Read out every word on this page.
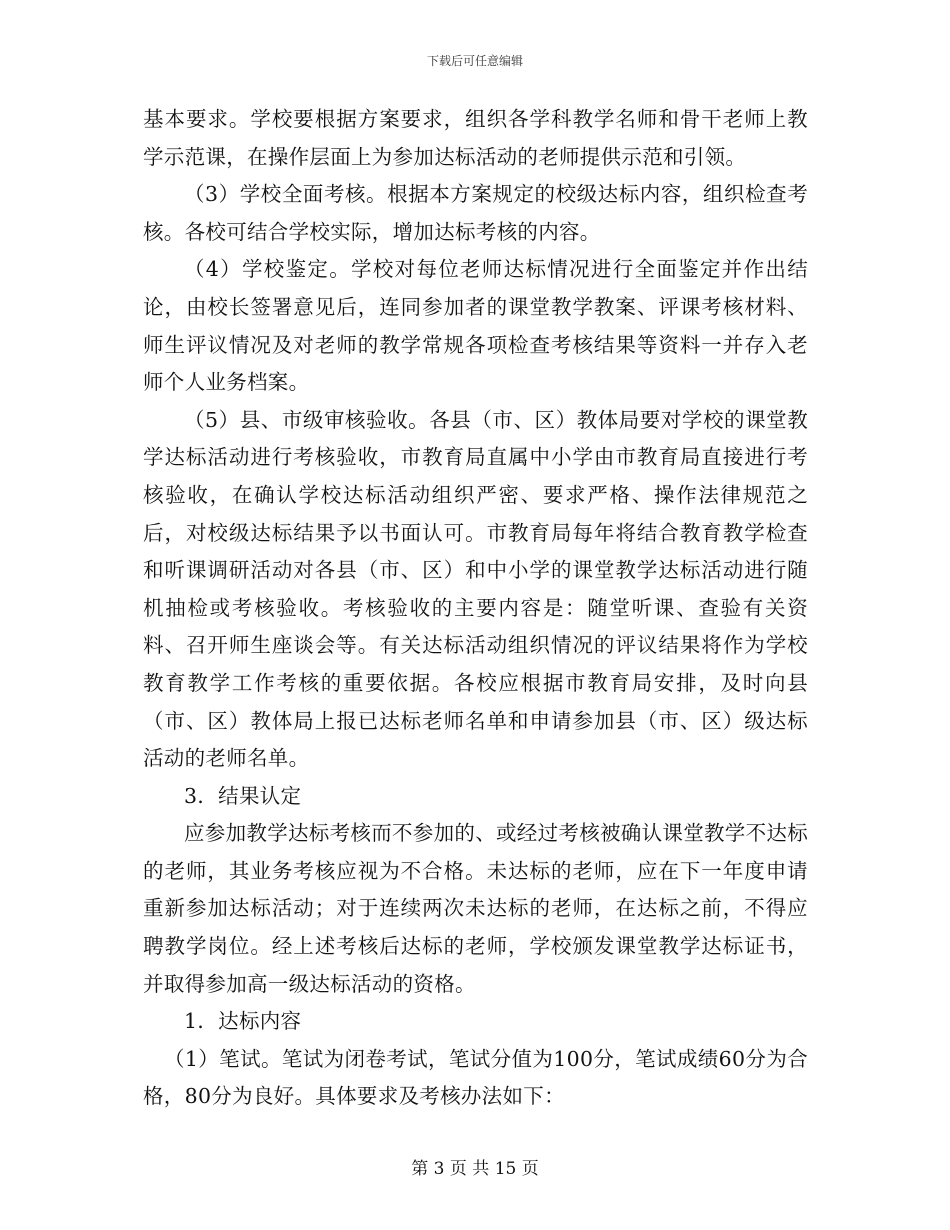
下载后可任意编辑

基本要求。学校要根据方案要求，组织各学科教学名师和骨干老师上教学示范课，在操作层面上为参加达标活动的老师提供示范和引领。

（3）学校全面考核。根据本方案规定的校级达标内容，组织检查考核。各校可结合学校实际，增加达标考核的内容。

（4）学校鉴定。学校对每位老师达标情况进行全面鉴定并作出结论，由校长签署意见后，连同参加者的课堂教学教案、评课考核材料、师生评议情况及对老师的教学常规各项检查考核结果等资料一并存入老师个人业务档案。

（5）县、市级审核验收。各县（市、区）教体局要对学校的课堂教学达标活动进行考核验收，市教育局直属中小学由市教育局直接进行考核验收，在确认学校达标活动组织严密、要求严格、操作法律规范之后，对校级达标结果予以书面认可。市教育局每年将结合教育教学检查和听课调研活动对各县（市、区）和中小学的课堂教学达标活动进行随机抽检或考核验收。考核验收的主要内容是：随堂听课、查验有关资料、召开师生座谈会等。有关达标活动组织情况的评议结果将作为学校教育教学工作考核的重要依据。各校应根据市教育局安排，及时向县（市、区）教体局上报已达标老师名单和申请参加县（市、区）级达标活动的老师名单。

3．结果认定

应参加教学达标考核而不参加的、或经过考核被确认课堂教学不达标的老师，其业务考核应视为不合格。未达标的老师，应在下一年度申请重新参加达标活动；对于连续两次未达标的老师，在达标之前，不得应聘教学岗位。经上述考核后达标的老师，学校颁发课堂教学达标证书，并取得参加高一级达标活动的资格。

1．达标内容

（1）笔试。笔试为闭卷考试，笔试分值为100分，笔试成绩60分为合格，80分为良好。具体要求及考核办法如下：

第 3 页 共 15 页
